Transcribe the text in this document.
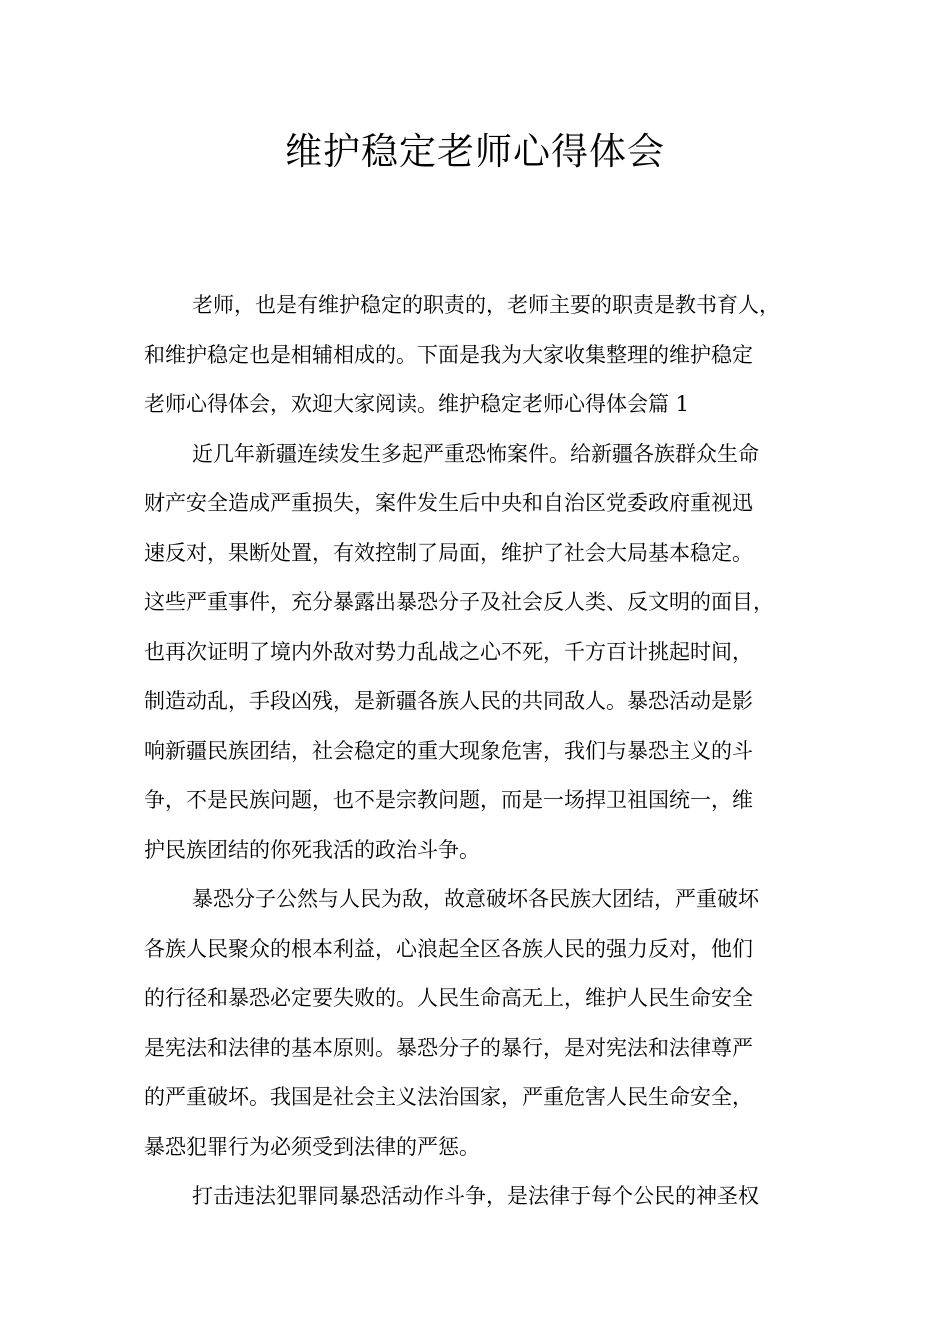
维护稳定老师心得体会
老师，也是有维护稳定的职责的，老师主要的职责是教书育人，
和维护稳定也是相辅相成的。下面是我为大家收集整理的维护稳定
老师心得体会，欢迎大家阅读。维护稳定老师心得体会篇 1
近几年新疆连续发生多起严重恐怖案件。给新疆各族群众生命
财产安全造成严重损失，案件发生后中央和自治区党委政府重视迅
速反对，果断处置，有效控制了局面，维护了社会大局基本稳定。
这些严重事件，充分暴露出暴恐分子及社会反人类、反文明的面目，
也再次证明了境内外敌对势力乱战之心不死，千方百计挑起时间，
制造动乱，手段凶残，是新疆各族人民的共同敌人。暴恐活动是影
响新疆民族团结，社会稳定的重大现象危害，我们与暴恐主义的斗
争，不是民族问题，也不是宗教问题，而是一场捍卫祖国统一，维
护民族团结的你死我活的政治斗争。
暴恐分子公然与人民为敌，故意破坏各民族大团结，严重破坏
各族人民聚众的根本利益，心浪起全区各族人民的强力反对，他们
的行径和暴恐必定要失败的。人民生命高无上，维护人民生命安全
是宪法和法律的基本原则。暴恐分子的暴行，是对宪法和法律尊严
的严重破坏。我国是社会主义法治国家，严重危害人民生命安全，
暴恐犯罪行为必须受到法律的严惩。
打击违法犯罪同暴恐活动作斗争，是法律于每个公民的神圣权
